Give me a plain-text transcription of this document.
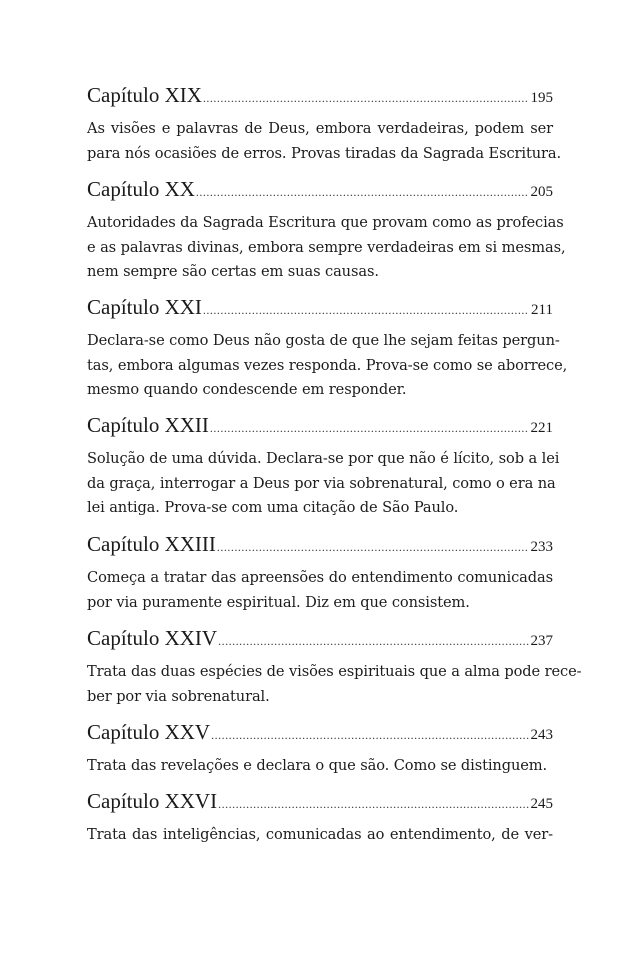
Capítulo XIX .....	195
As visões e palavras de Deus, embora verdadeiras, podem ser
para nós ocasiões de erros. Provas tiradas da Sagrada Escritura.
Capítulo XX .....	205
Autoridades da Sagrada Escritura que provam como as profecias
e as palavras divinas, embora sempre verdadeiras em si mesmas,
nem sempre são certas em suas causas.
Capítulo XXI .....	211
Declara-se como Deus não gosta de que lhe sejam feitas pergun-
tas, embora algumas vezes responda. Prova-se como se aborrece,
mesmo quando condescende em responder.
Capítulo XXII .....	221
Solução de uma dúvida. Declara-se por que não é lícito, sob a lei
da graça, interrogar a Deus por via sobrenatural, como o era na
lei antiga. Prova-se com uma citação de São Paulo.
Capítulo XXIII .....	233
Começa a tratar das apreensões do entendimento comunicadas
por via puramente espiritual. Diz em que consistem.
Capítulo XXIV .....	237
Trata das duas espécies de visões espirituais que a alma pode rece-
ber por via sobrenatural.
Capítulo XXV .....	243
Trata das revelações e declara o que são. Como se distinguem.
Capítulo XXVI .....	245
Trata das inteligências, comunicadas ao entendimento, de ver-
